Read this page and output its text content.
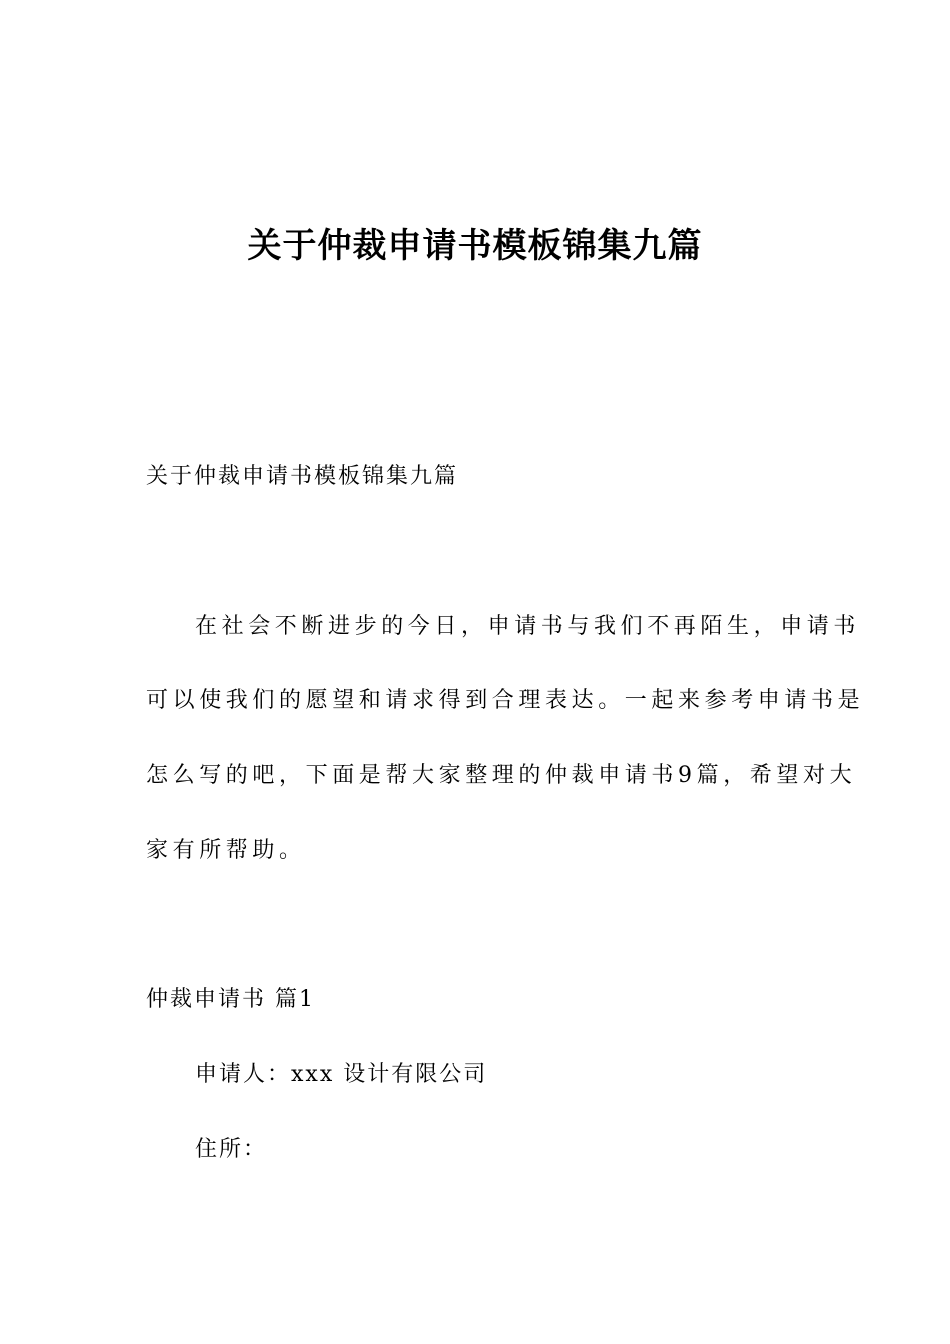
关于仲裁申请书模板锦集九篇

关于仲裁申请书模板锦集九篇

在社会不断进步的今日，申请书与我们不再陌生，申请书

可以使我们的愿望和请求得到合理表达。一起来参考申请书是

怎么写的吧，下面是帮大家整理的仲裁申请书9篇，希望对大

家有所帮助。

仲裁申请书 篇1

申请人：xxx 设计有限公司

住所：
